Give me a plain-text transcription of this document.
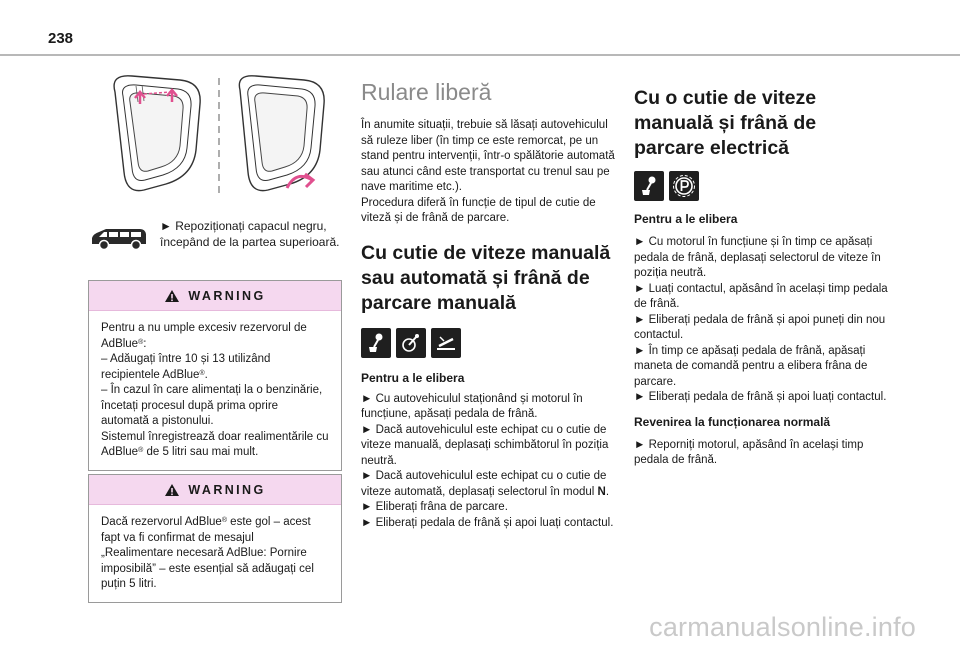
238
► Repoziționați capacul negru, începând de la partea superioară.
WARNING

Pentru a nu umple excesiv rezervorul de AdBlue®:

– Adăugați între 10 și 13 utilizând recipientele AdBlue®.

– În cazul în care alimentați la o benzinărie, încetați procesul după prima oprire automată a pistonului.

Sistemul înregistrează doar realimentările cu AdBlue® de 5 litri sau mai mult.

WARNING

Dacă rezervorul AdBlue® este gol – acest fapt va fi confirmat de mesajul „Realimentare necesară AdBlue: Pornire imposibilă” – este esențial să adăugați cel puțin 5 litri.

Rulare liberă

În anumite situații, trebuie să lăsați autovehiculul să ruleze liber (în timp ce este remorcat, pe un stand pentru intervenții, într-o spălătorie automată sau atunci când este transportat cu trenul sau pe nave maritime etc.).

Procedura diferă în funcție de tipul de cutie de viteză și de frână de parcare.

Cu cutie de viteze manuală sau automată și frână de parcare manuală
Pentru a le elibera

► Cu autovehiculul staționând și motorul în funcțiune, apăsați pedala de frână.

► Dacă autovehiculul este echipat cu o cutie de viteze manuală, deplasați schimbătorul în poziția neutră.

► Dacă autovehiculul este echipat cu o cutie de viteze automată, deplasați selectorul în modul N.

► Eliberați frâna de parcare.

► Eliberați pedala de frână și apoi luați contactul.

Cu o cutie de viteze manuală și frână de parcare electrică
Pentru a le elibera

► Cu motorul în funcțiune și în timp ce apăsați pedala de frână, deplasați selectorul de viteze în poziția neutră.

► Luați contactul, apăsând în același timp pedala de frână.

► Eliberați pedala de frână și apoi puneți din nou contactul.

► În timp ce apăsați pedala de frână, apăsați maneta de comandă pentru a elibera frâna de parcare.

► Eliberați pedala de frână și apoi luați contactul.

Revenirea la funcționarea normală

► Reporniți motorul, apăsând în același timp pedala de frână.

carmanualsonline.info
